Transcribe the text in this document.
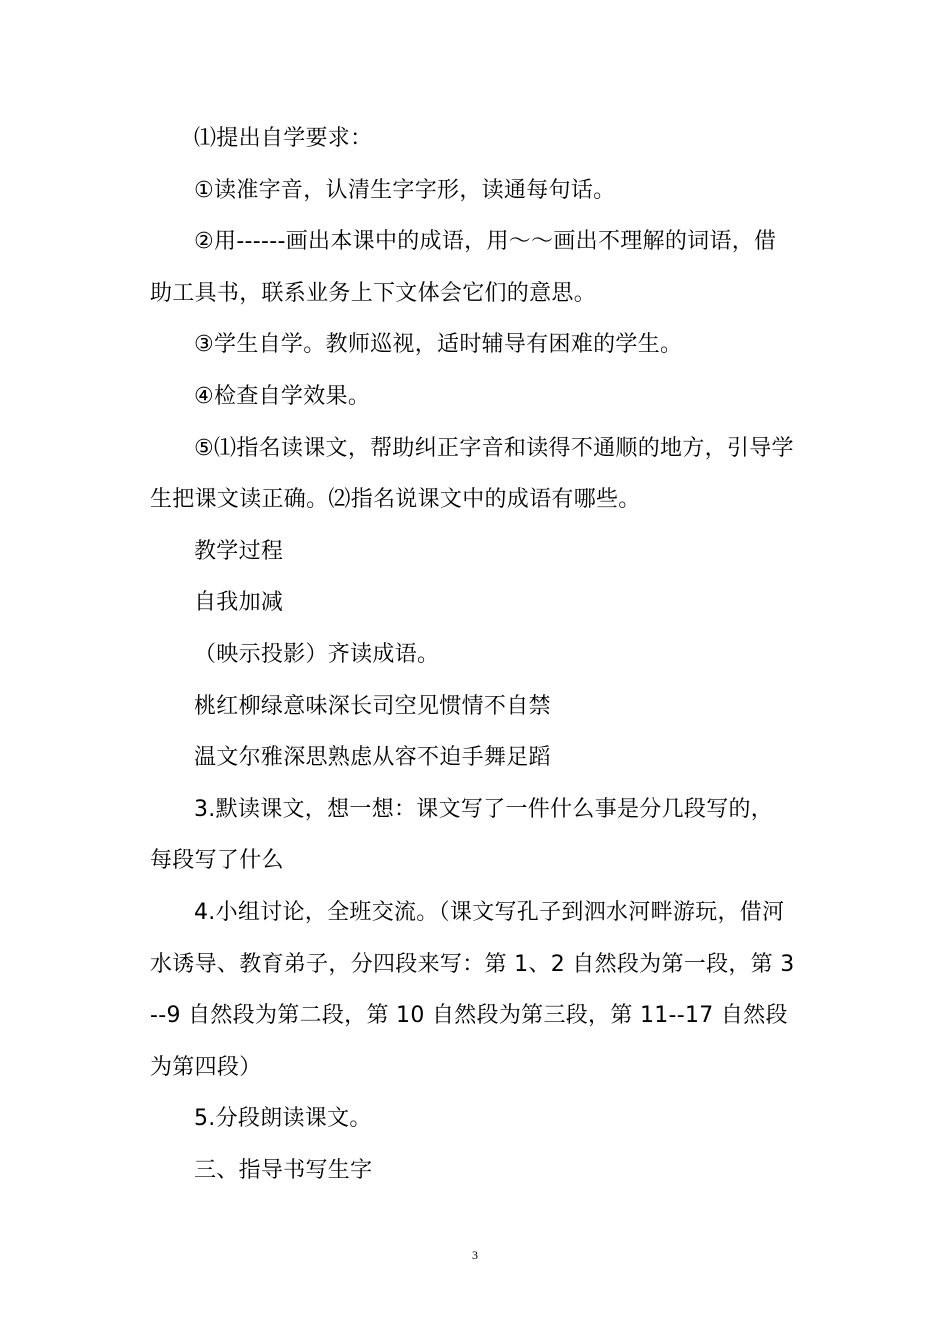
⑴提出自学要求：

①读准字音，认清生字字形，读通每句话。

②用------画出本课中的成语，用～～画出不理解的词语，借助工具书，联系业务上下文体会它们的意思。

③学生自学。教师巡视，适时辅导有困难的学生。

④检查自学效果。

⑤⑴指名读课文，帮助纠正字音和读得不通顺的地方，引导学生把课文读正确。⑵指名说课文中的成语有哪些。

教学过程

自我加减

（映示投影）齐读成语。

桃红柳绿意味深长司空见惯情不自禁

温文尔雅深思熟虑从容不迫手舞足蹈

3.默读课文，想一想：课文写了一件什么事是分几段写的，每段写了什么

4.小组讨论，全班交流。（课文写孔子到泗水河畔游玩，借河水诱导、教育弟子，分四段来写：第 1、2 自然段为第一段，第 3--9 自然段为第二段，第 10 自然段为第三段，第 11--17 自然段为第四段）

5.分段朗读课文。

三、指导书写生字

3
